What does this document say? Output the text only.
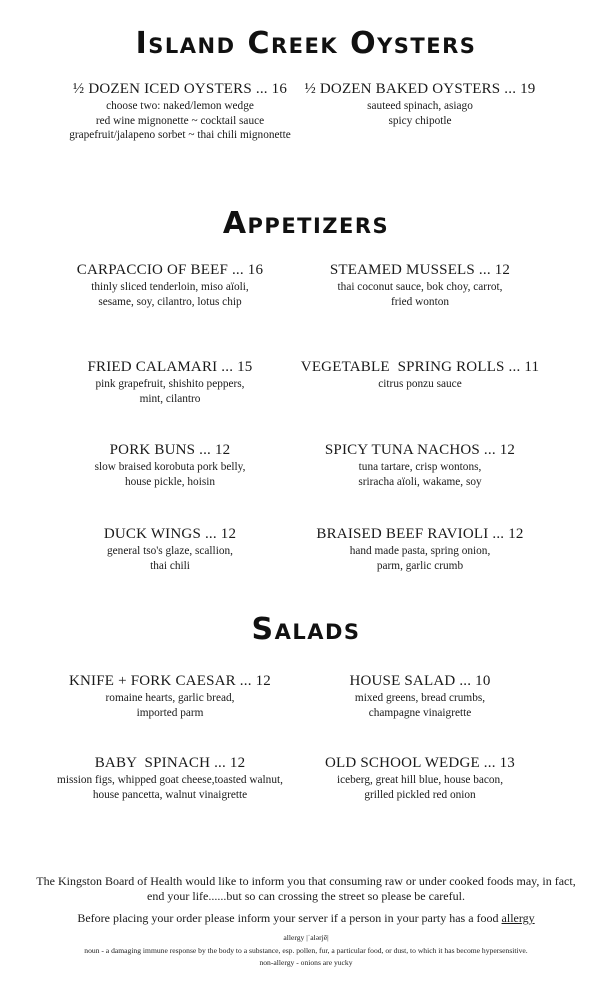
Island Creek Oysters
½ DOZEN ICED OYSTERS ... 16
choose two: naked/lemon wedge
red wine mignonette ~ cocktail sauce
grapefruit/jalapeno sorbet ~ thai chili mignonette
½ DOZEN BAKED OYSTERS ... 19
sauteed spinach, asiago
spicy chipotle
Appetizers
CARPACCIO OF BEEF ... 16
thinly sliced tenderloin, miso aïoli,
sesame, soy, cilantro, lotus chip
STEAMED MUSSELS ... 12
thai coconut sauce, bok choy, carrot,
fried wonton
FRIED CALAMARI ... 15
pink grapefruit, shishito peppers,
mint, cilantro
VEGETABLE  SPRING ROLLS ... 11
citrus ponzu sauce
PORK BUNS ... 12
slow braised korobuta pork belly,
house pickle, hoisin
SPICY TUNA NACHOS ... 12
tuna tartare, crisp wontons,
sriracha aïoli, wakame, soy
DUCK WINGS ... 12
general tso's glaze, scallion,
thai chili
BRAISED BEEF RAVIOLI ... 12
hand made pasta, spring onion,
parm, garlic crumb
Salads
KNIFE + FORK CAESAR ... 12
romaine hearts, garlic bread,
imported parm
HOUSE SALAD ... 10
mixed greens, bread crumbs,
champagne vinaigrette
BABY  SPINACH ... 12
mission figs, whipped goat cheese,toasted walnut,
house pancetta, walnut vinaigrette
OLD SCHOOL WEDGE ... 13
iceberg, great hill blue, house bacon,
grilled pickled red onion
The Kingston Board of Health would like to inform you that consuming raw or under cooked foods may, in fact,
end your life......but so can crossing the street so please be careful.
Before placing your order please inform your server if a person in your party has a food allergy
allergy |ˈalərjē|
noun - a damaging immune response by the body to a substance, esp. pollen, fur, a particular food, or dust, to which it has become hypersensitive.
non-allergy - onions are yucky
